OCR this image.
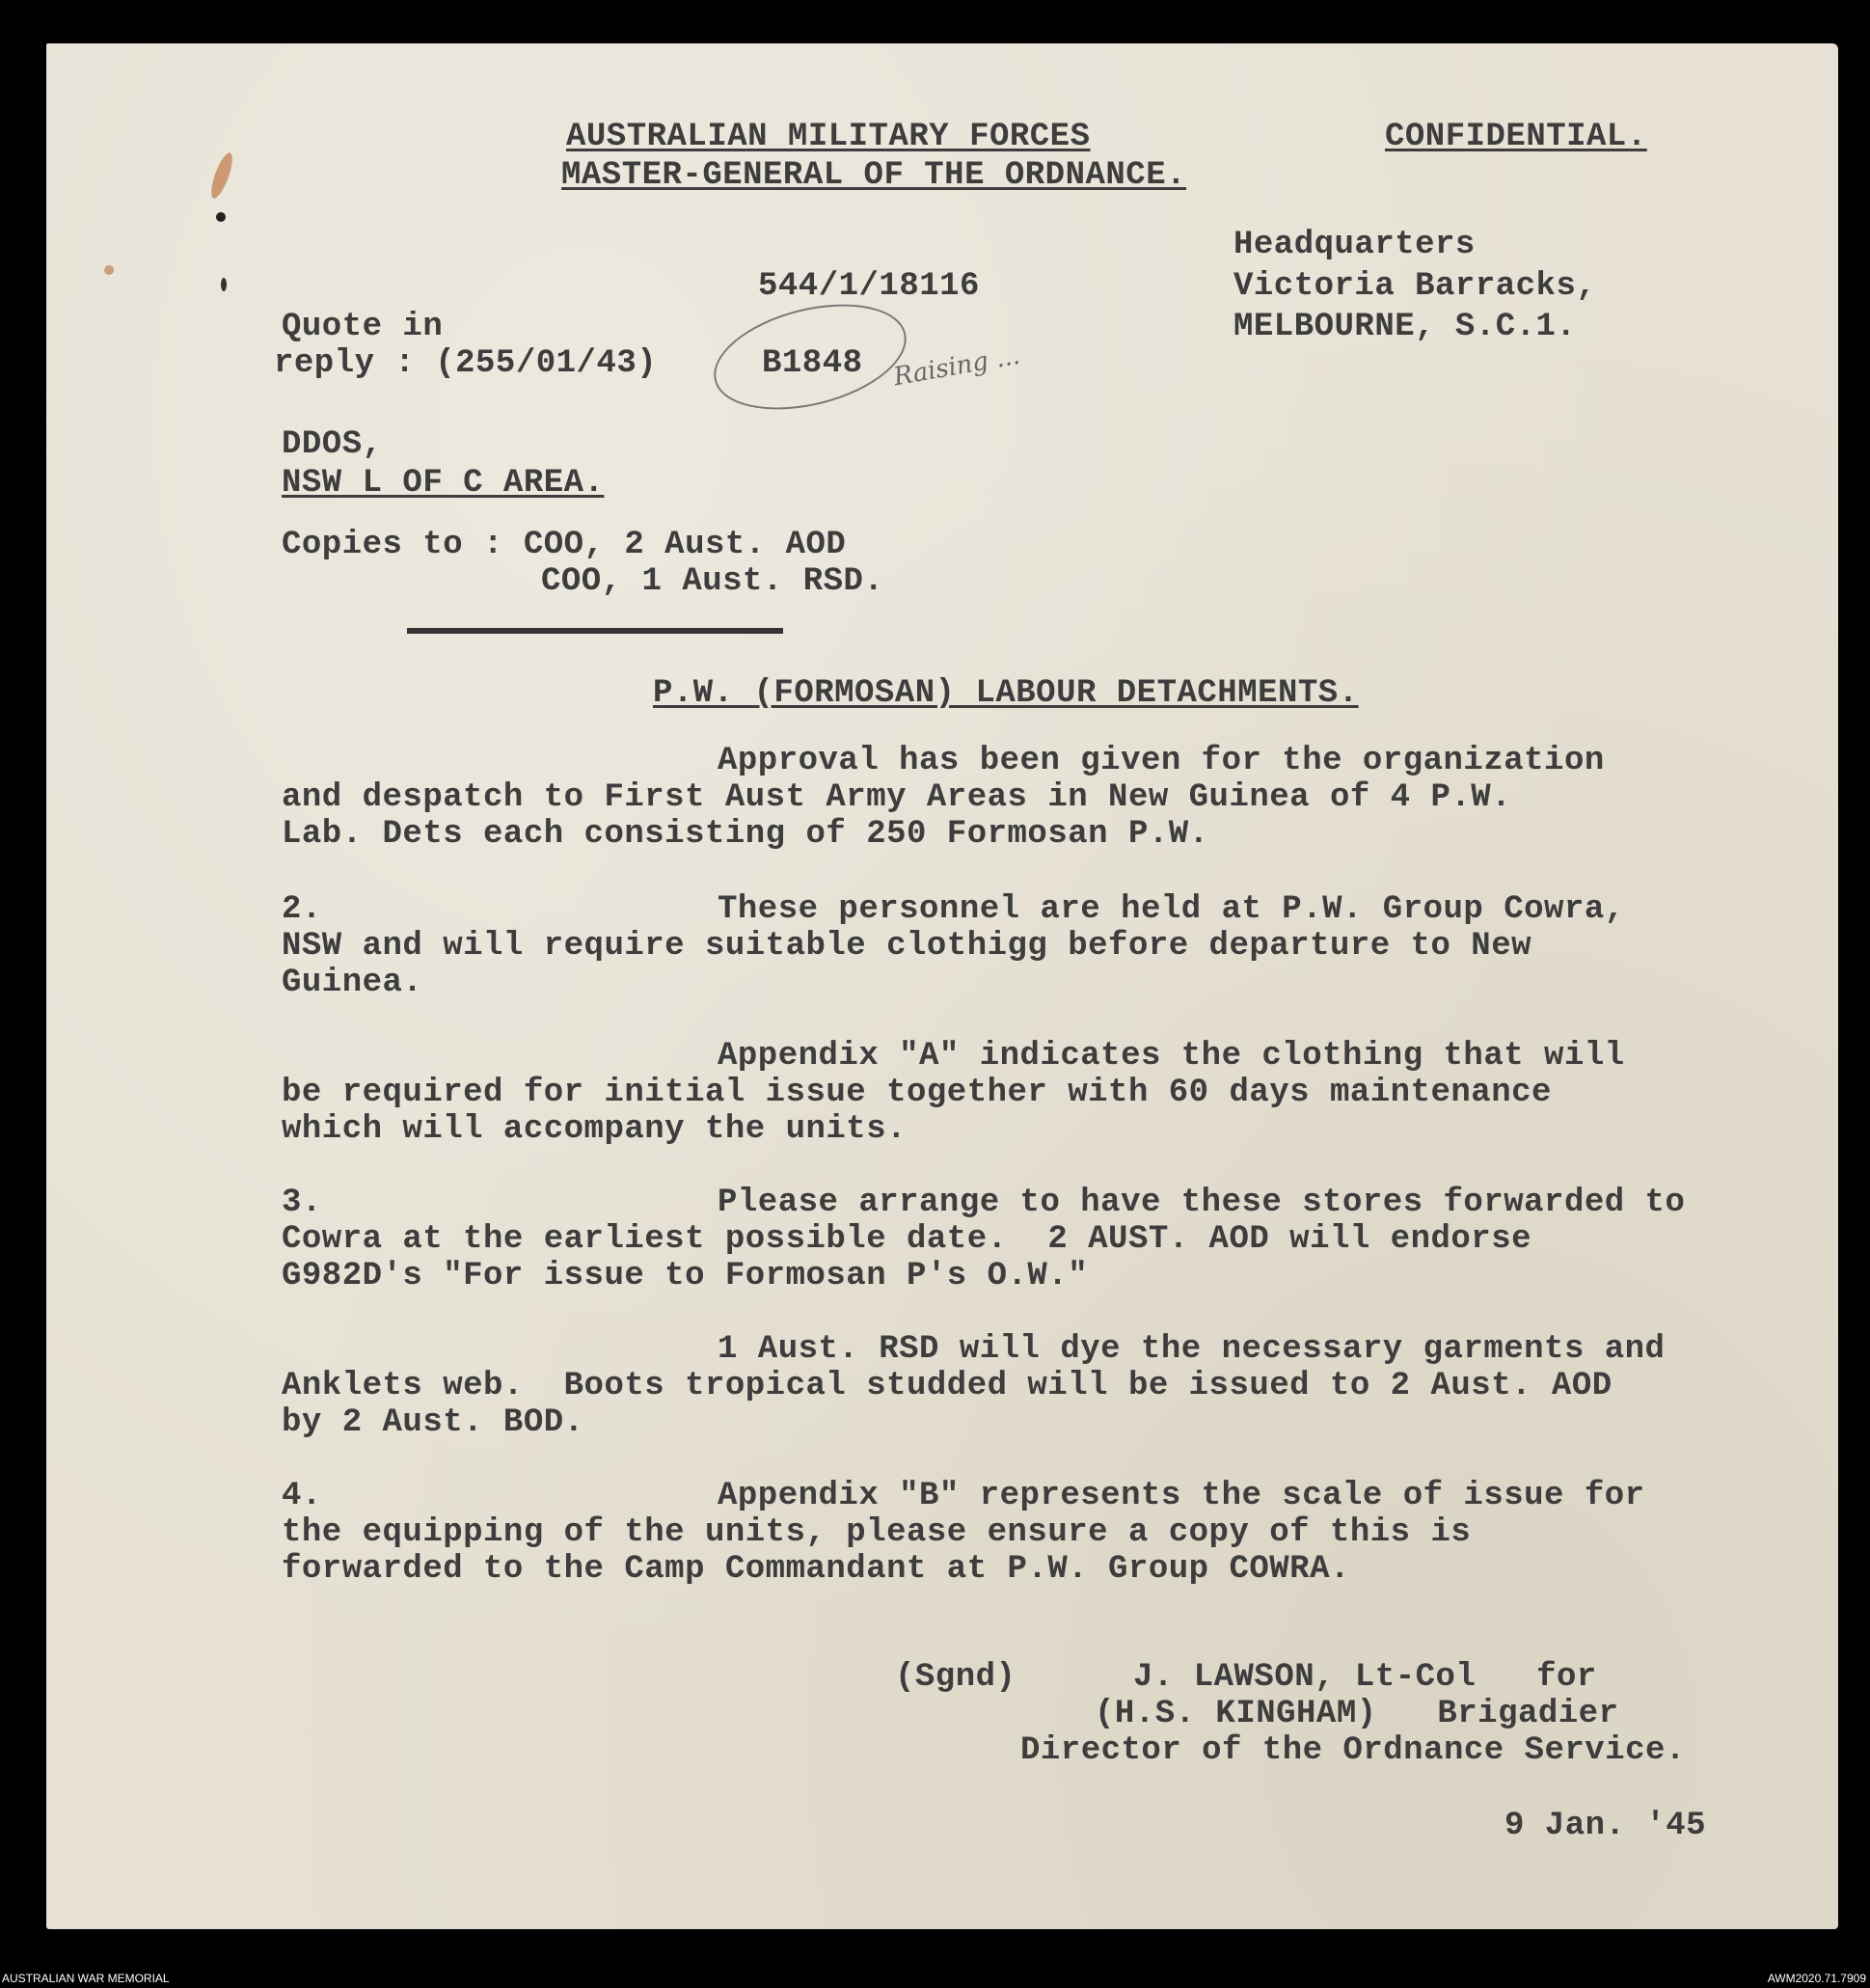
AUSTRALIAN MILITARY FORCES
MASTER-GENERAL OF THE ORDNANCE.
CONFIDENTIAL.
Headquarters
Victoria Barracks,
MELBOURNE, S.C.1.
544/1/18116
Quote in
reply : (255/01/43)	B1848 Raising ...
DDOS,
NSW L OF C AREA.
Copies to : COO, 2 Aust. AOD
COO, 1 Aust. RSD.
P.W. (FORMOSAN) LABOUR DETACHMENTS.
Approval has been given for the organization
and despatch to First Aust Army Areas in New Guinea of 4 P.W.
Lab. Dets each consisting of 250 Formosan P.W.
2.	These personnel are held at P.W. Group Cowra,
NSW and will require suitable clothigg before departure to New
Guinea.
Appendix "A" indicates the clothing that will
be required for initial issue together with 60 days maintenance
which will accompany the units.
3.	Please arrange to have these stores forwarded to
Cowra at the earliest possible date.  2 AUST. AOD will endorse
G982D's "For issue to Formosan P's O.W."
1 Aust. RSD will dye the necessary garments and
Anklets web.  Boots tropical studded will be issued to 2 Aust. AOD
by 2 Aust. BOD.
4.	Appendix "B" represents the scale of issue for
the equipping of the units, please ensure a copy of this is
forwarded to the Camp Commandant at P.W. Group COWRA.
(Sgnd)	J. LAWSON, Lt-Col   for
(H.S. KINGHAM)   Brigadier
Director of the Ordnance Service.
9 Jan. '45
AUSTRALIAN WAR MEMORIAL	AWM2020.71.7909
